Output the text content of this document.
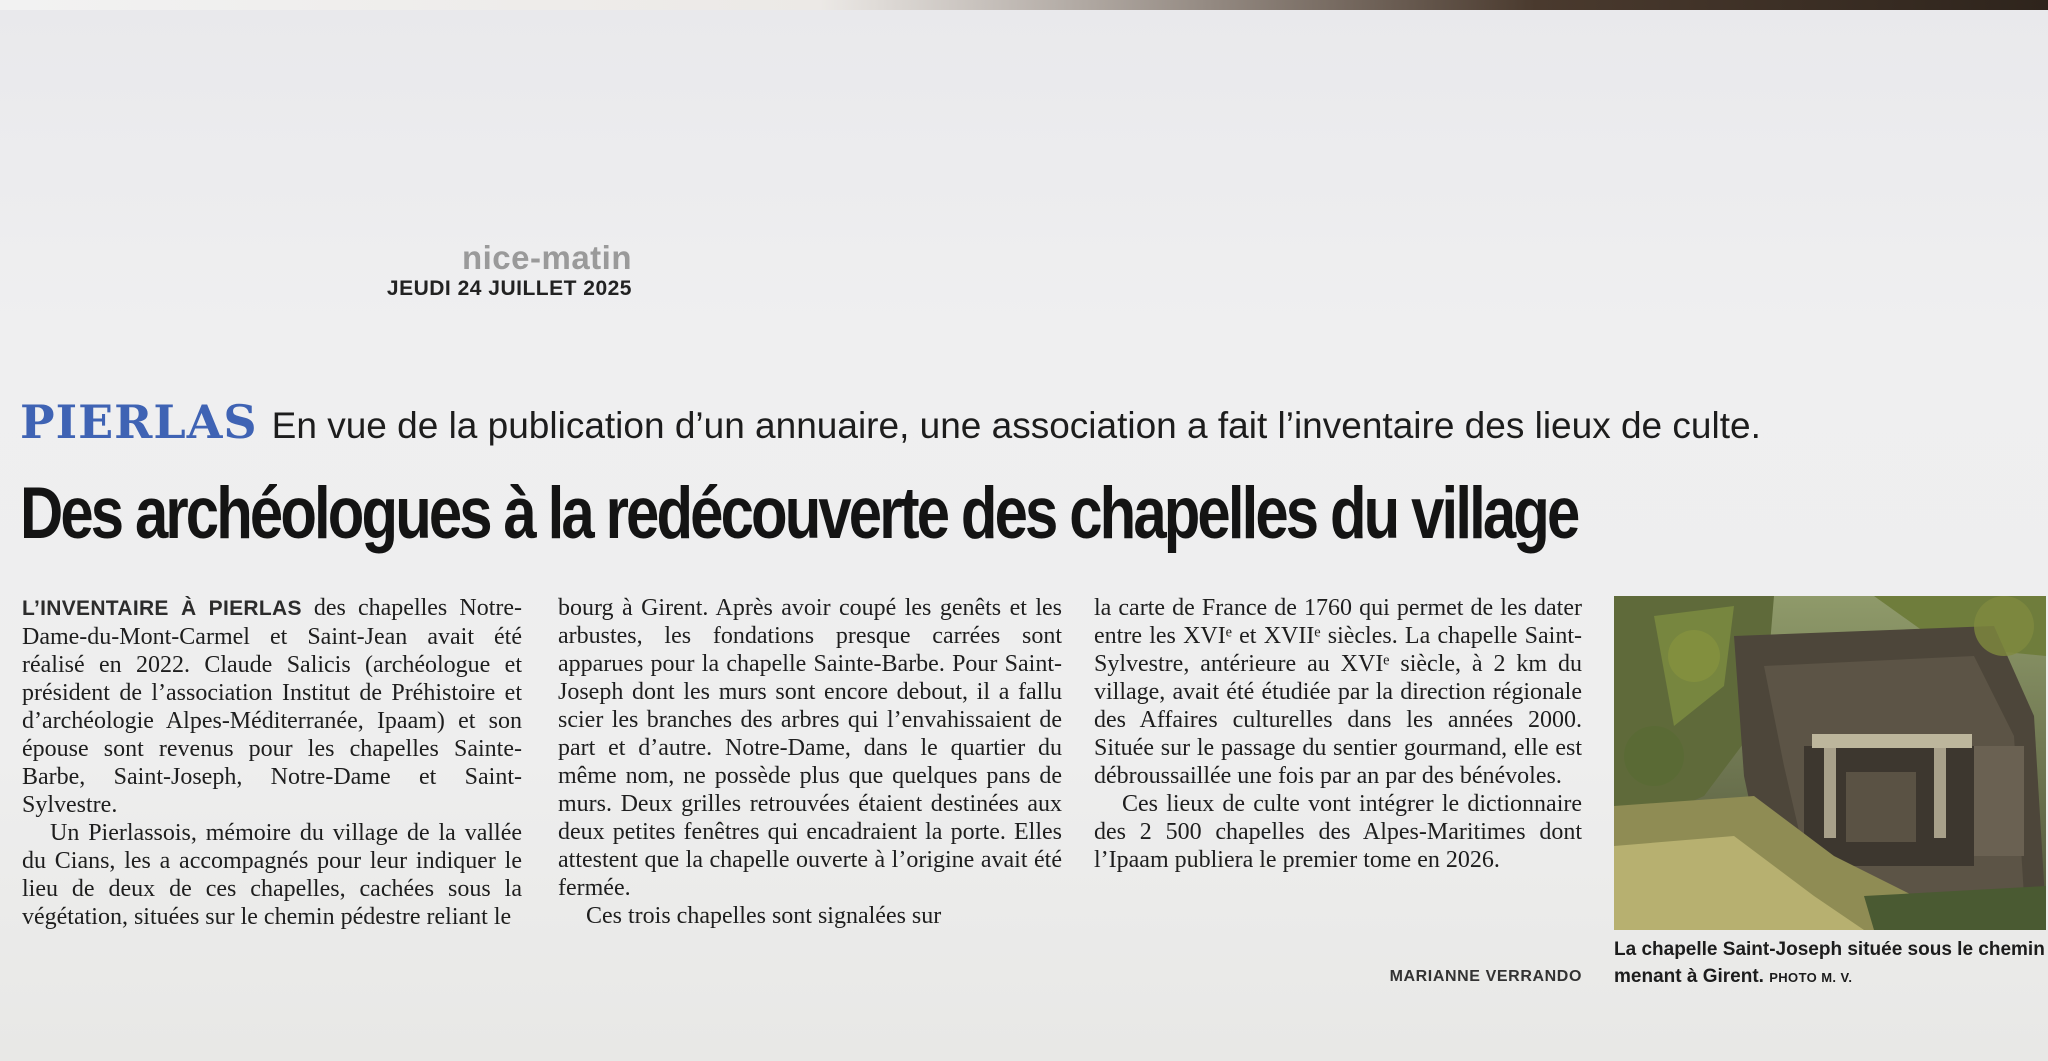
nice-matin
JEUDI 24 JUILLET 2025
PIERLAS En vue de la publication d’un annuaire, une association a fait l’inventaire des lieux de culte.
Des archéologues à la redécouverte des chapelles du village

L’INVENTAIRE À PIERLAS des chapelles Notre-Dame-du-Mont-Carmel et Saint-Jean avait été réalisé en 2022. Claude Salicis (archéologue et président de l’association Institut de Préhistoire et d’archéologie Alpes-Méditerranée, Ipaam) et son épouse sont revenus pour les chapelles Sainte-Barbe, Saint-Joseph, Notre-Dame et Saint-Sylvestre.

Un Pierlassois, mémoire du village de la vallée du Cians, les a accompagnés pour leur indiquer le lieu de deux de ces chapelles, cachées sous la végétation, situées sur le chemin pédestre reliant le

bourg à Girent. Après avoir coupé les genêts et les arbustes, les fondations presque carrées sont apparues pour la chapelle Sainte-Barbe. Pour Saint-Joseph dont les murs sont encore debout, il a fallu scier les branches des arbres qui l’envahissaient de part et d’autre. Notre-Dame, dans le quartier du même nom, ne possède plus que quelques pans de murs. Deux grilles retrouvées étaient destinées aux deux petites fenêtres qui encadraient la porte. Elles attestent que la chapelle ouverte à l’origine avait été fermée.

Ces trois chapelles sont signalées sur

la carte de France de 1760 qui permet de les dater entre les XVIᵉ et XVIIᵉ siècles. La chapelle Saint-Sylvestre, antérieure au XVIᵉ siècle, à 2 km du village, avait été étudiée par la direction régionale des Affaires culturelles dans les années 2000. Située sur le passage du sentier gourmand, elle est débroussaillée une fois par an par des bénévoles.

Ces lieux de culte vont intégrer le dictionnaire des 2 500 chapelles des Alpes-Maritimes dont l’Ipaam publiera le premier tome en 2026.

MARIANNE VERRANDO
La chapelle Saint-Joseph située sous le chemin menant à Girent. PHOTO M. V.
